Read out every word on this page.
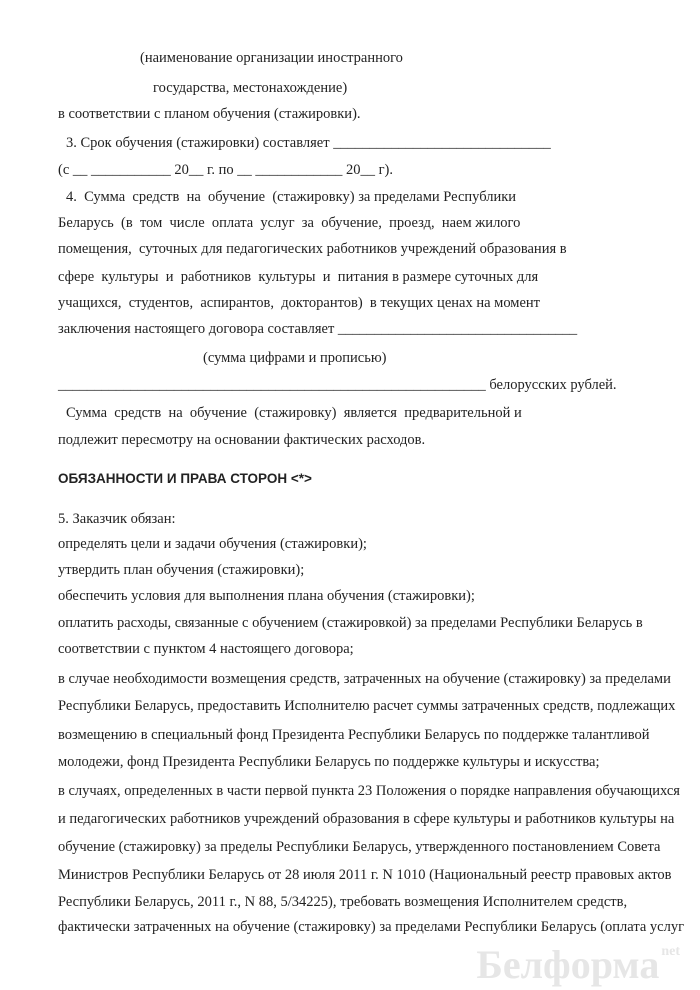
Белформа $^{net}$
(наименование организации иностранного
государства, местонахождение)
в соответствии с планом обучения (стажировки).
3. Срок обучения (стажировки) составляет ______________________________
(с __ ___________ 20__ г. по __ ____________ 20__ г).
4.  Сумма  средств  на  обучение  (стажировку) за пределами Республики
Беларусь  (в  том  числе  оплата  услуг  за  обучение,  проезд,  наем жилого
помещения,  суточных для педагогических работников учреждений образования в
сфере  культуры  и  работников  культуры  и  питания в размере суточных для
учащихся,  студентов,  аспирантов,  докторантов)  в текущих ценах на момент
заключения настоящего договора составляет _________________________________
(сумма цифрами и прописью)
___________________________________________________________ белорусских рублей.
Сумма  средств  на  обучение  (стажировку)  является  предварительной и
подлежит пересмотру на основании фактических расходов.
ОБЯЗАННОСТИ И ПРАВА СТОРОН <*>
5. Заказчик обязан:
определять цели и задачи обучения (стажировки);
утвердить план обучения (стажировки);
обеспечить условия для выполнения плана обучения (стажировки);
оплатить расходы, связанные с обучением (стажировкой) за пределами Республики Беларусь в
соответствии с пунктом 4 настоящего договора;
в случае необходимости возмещения средств, затраченных на обучение (стажировку) за пределами
Республики Беларусь, предоставить Исполнителю расчет суммы затраченных средств, подлежащих
возмещению в специальный фонд Президента Республики Беларусь по поддержке талантливой
молодежи, фонд Президента Республики Беларусь по поддержке культуры и искусства;
в случаях, определенных в части первой пункта 23 Положения о порядке направления обучающихся
и педагогических работников учреждений образования в сфере культуры и работников культуры на
обучение (стажировку) за пределы Республики Беларусь, утвержденного постановлением Совета
Министров Республики Беларусь от 28 июля 2011 г. N 1010 (Национальный реестр правовых актов
Республики Беларусь, 2011 г., N 88, 5/34225), требовать возмещения Исполнителем средств,
фактически затраченных на обучение (стажировку) за пределами Республики Беларусь (оплата услуг
